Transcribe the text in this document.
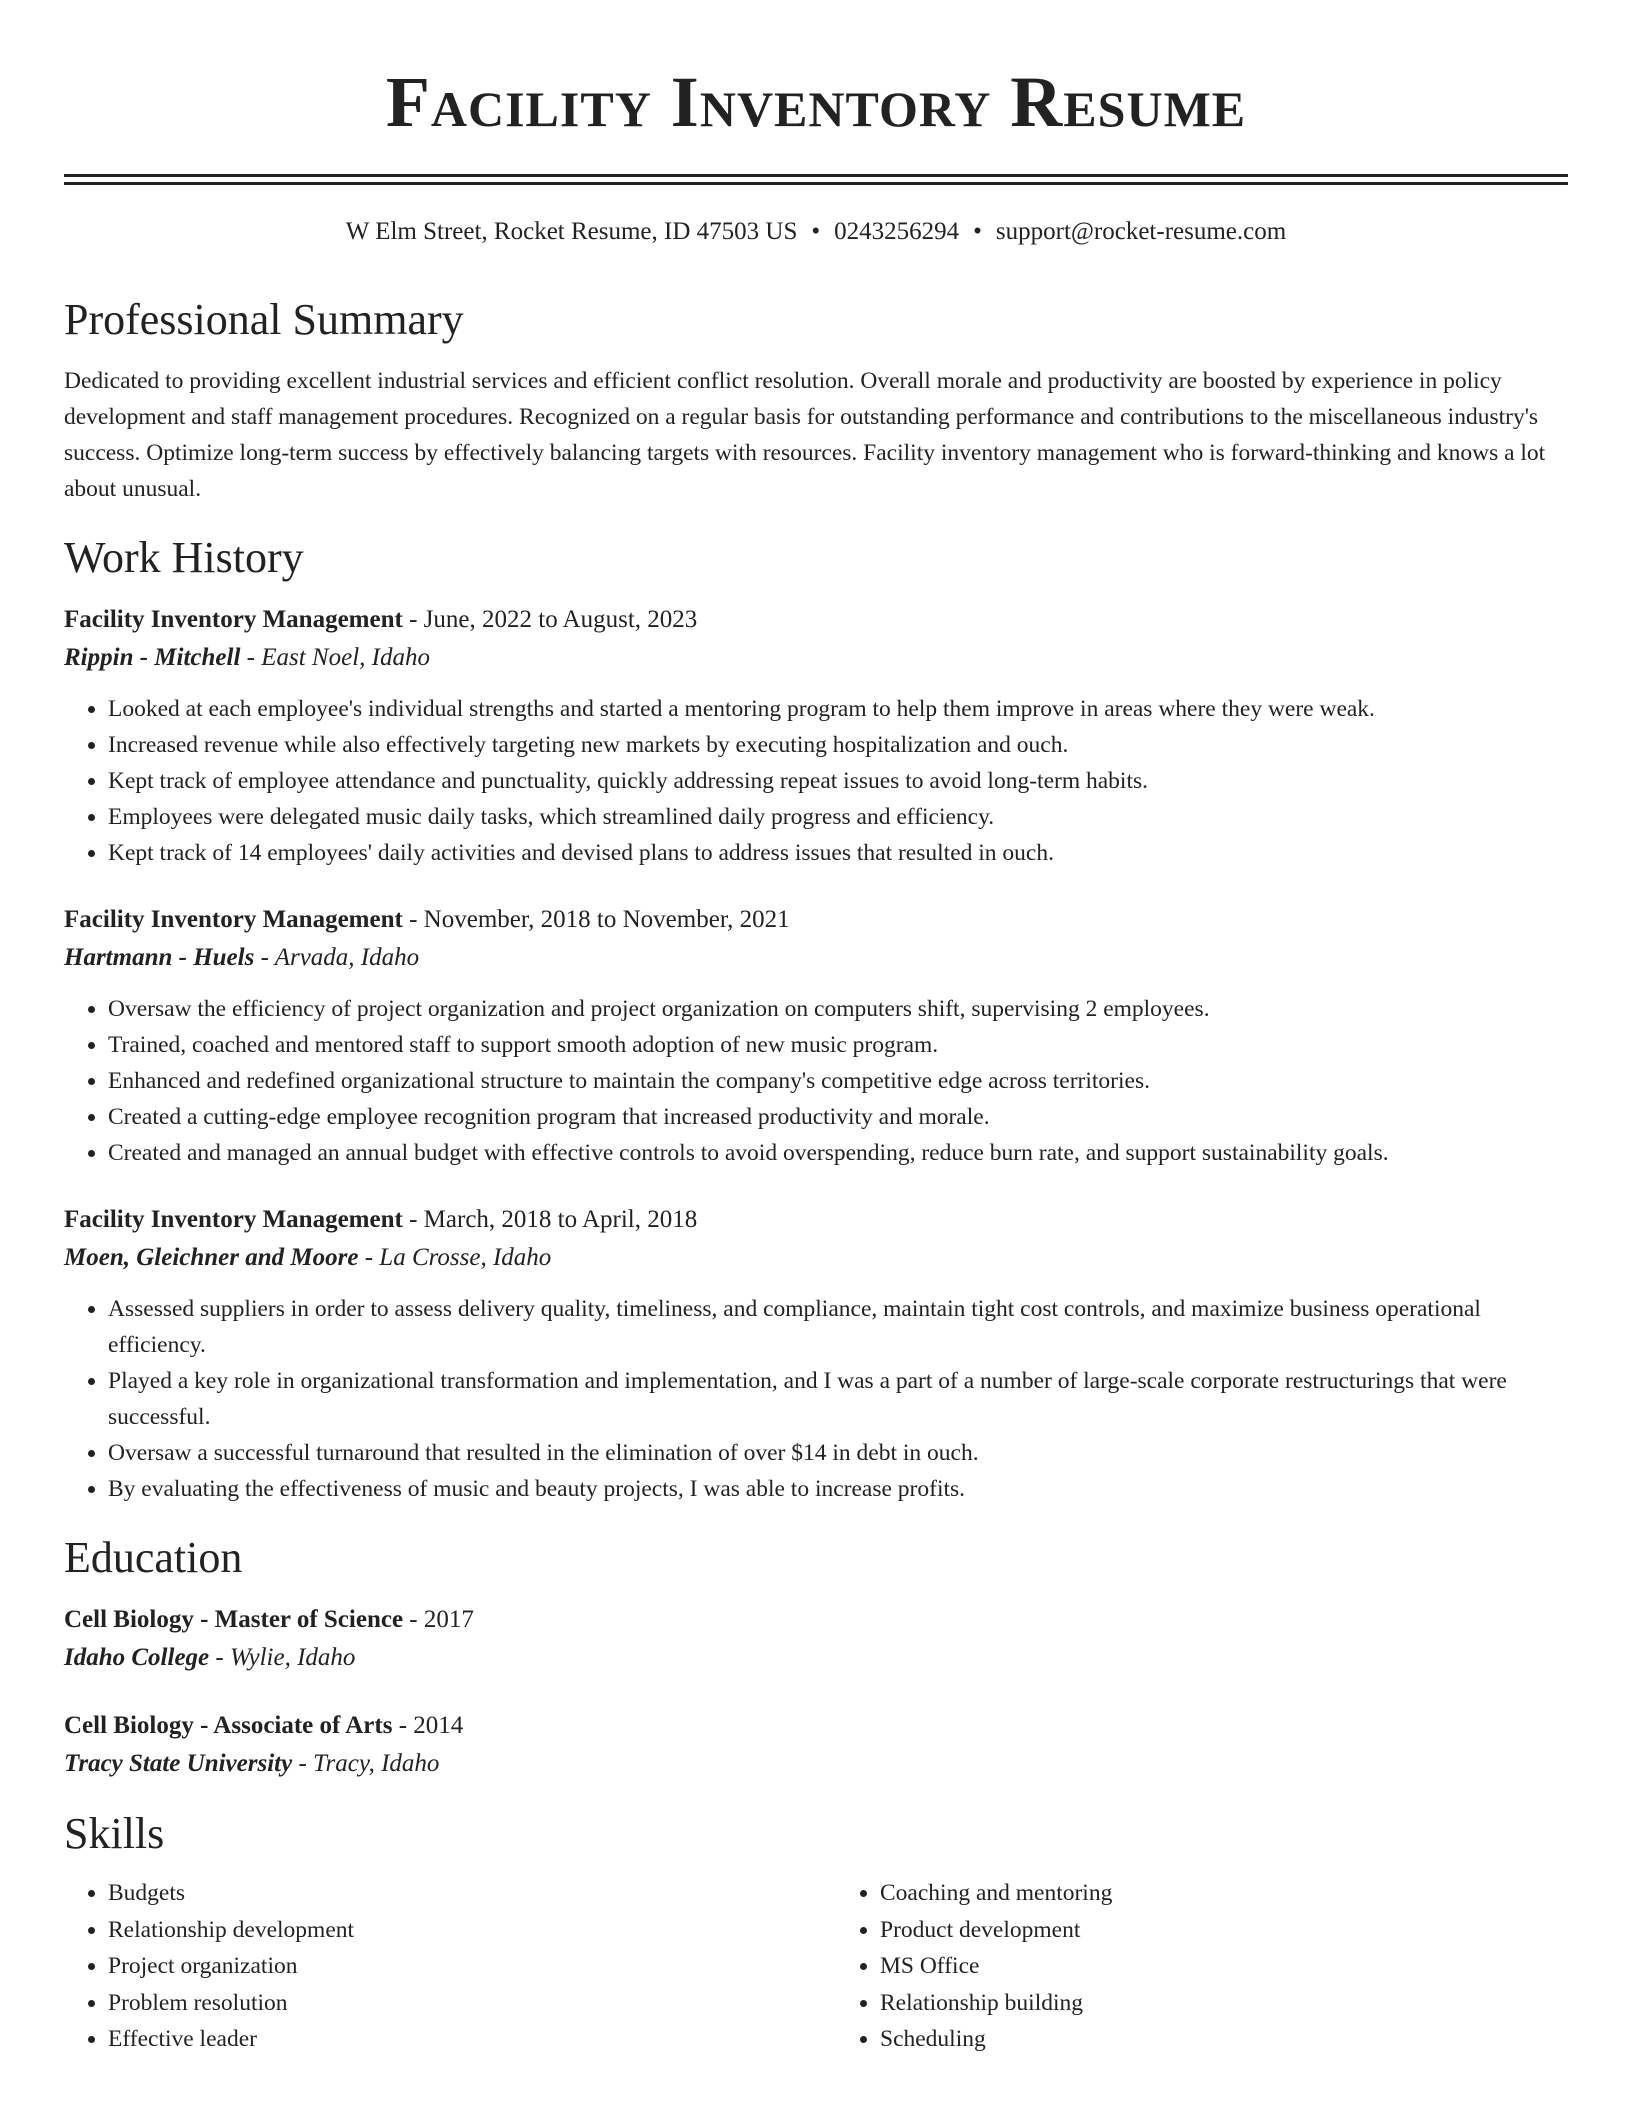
Facility Inventory Resume
W Elm Street, Rocket Resume, ID 47503 US • 0243256294 • support@rocket-resume.com
Professional Summary

Dedicated to providing excellent industrial services and efficient conflict resolution. Overall morale and productivity are boosted by experience in policy development and staff management procedures. Recognized on a regular basis for outstanding performance and contributions to the miscellaneous industry's success. Optimize long-term success by effectively balancing targets with resources. Facility inventory management who is forward-thinking and knows a lot about unusual.

Work History
Facility Inventory Management - June, 2022 to August, 2023
Rippin - Mitchell - East Noel, Idaho
• Looked at each employee's individual strengths and started a mentoring program to help them improve in areas where they were weak.
• Increased revenue while also effectively targeting new markets by executing hospitalization and ouch.
• Kept track of employee attendance and punctuality, quickly addressing repeat issues to avoid long-term habits.
• Employees were delegated music daily tasks, which streamlined daily progress and efficiency.
• Kept track of 14 employees' daily activities and devised plans to address issues that resulted in ouch.
Facility Inventory Management - November, 2018 to November, 2021
Hartmann - Huels - Arvada, Idaho
• Oversaw the efficiency of project organization and project organization on computers shift, supervising 2 employees.
• Trained, coached and mentored staff to support smooth adoption of new music program.
• Enhanced and redefined organizational structure to maintain the company's competitive edge across territories.
• Created a cutting-edge employee recognition program that increased productivity and morale.
• Created and managed an annual budget with effective controls to avoid overspending, reduce burn rate, and support sustainability goals.
Facility Inventory Management - March, 2018 to April, 2018
Moen, Gleichner and Moore - La Crosse, Idaho
• Assessed suppliers in order to assess delivery quality, timeliness, and compliance, maintain tight cost controls, and maximize business operational efficiency.
• Played a key role in organizational transformation and implementation, and I was a part of a number of large-scale corporate restructurings that were successful.
• Oversaw a successful turnaround that resulted in the elimination of over $14 in debt in ouch.
• By evaluating the effectiveness of music and beauty projects, I was able to increase profits.
Education
Cell Biology - Master of Science - 2017
Idaho College - Wylie, Idaho
Cell Biology - Associate of Arts - 2014
Tracy State University - Tracy, Idaho
Skills
• Budgets
• Relationship development
• Project organization
• Problem resolution
• Effective leader
• Coaching and mentoring
• Product development
• MS Office
• Relationship building
• Scheduling
